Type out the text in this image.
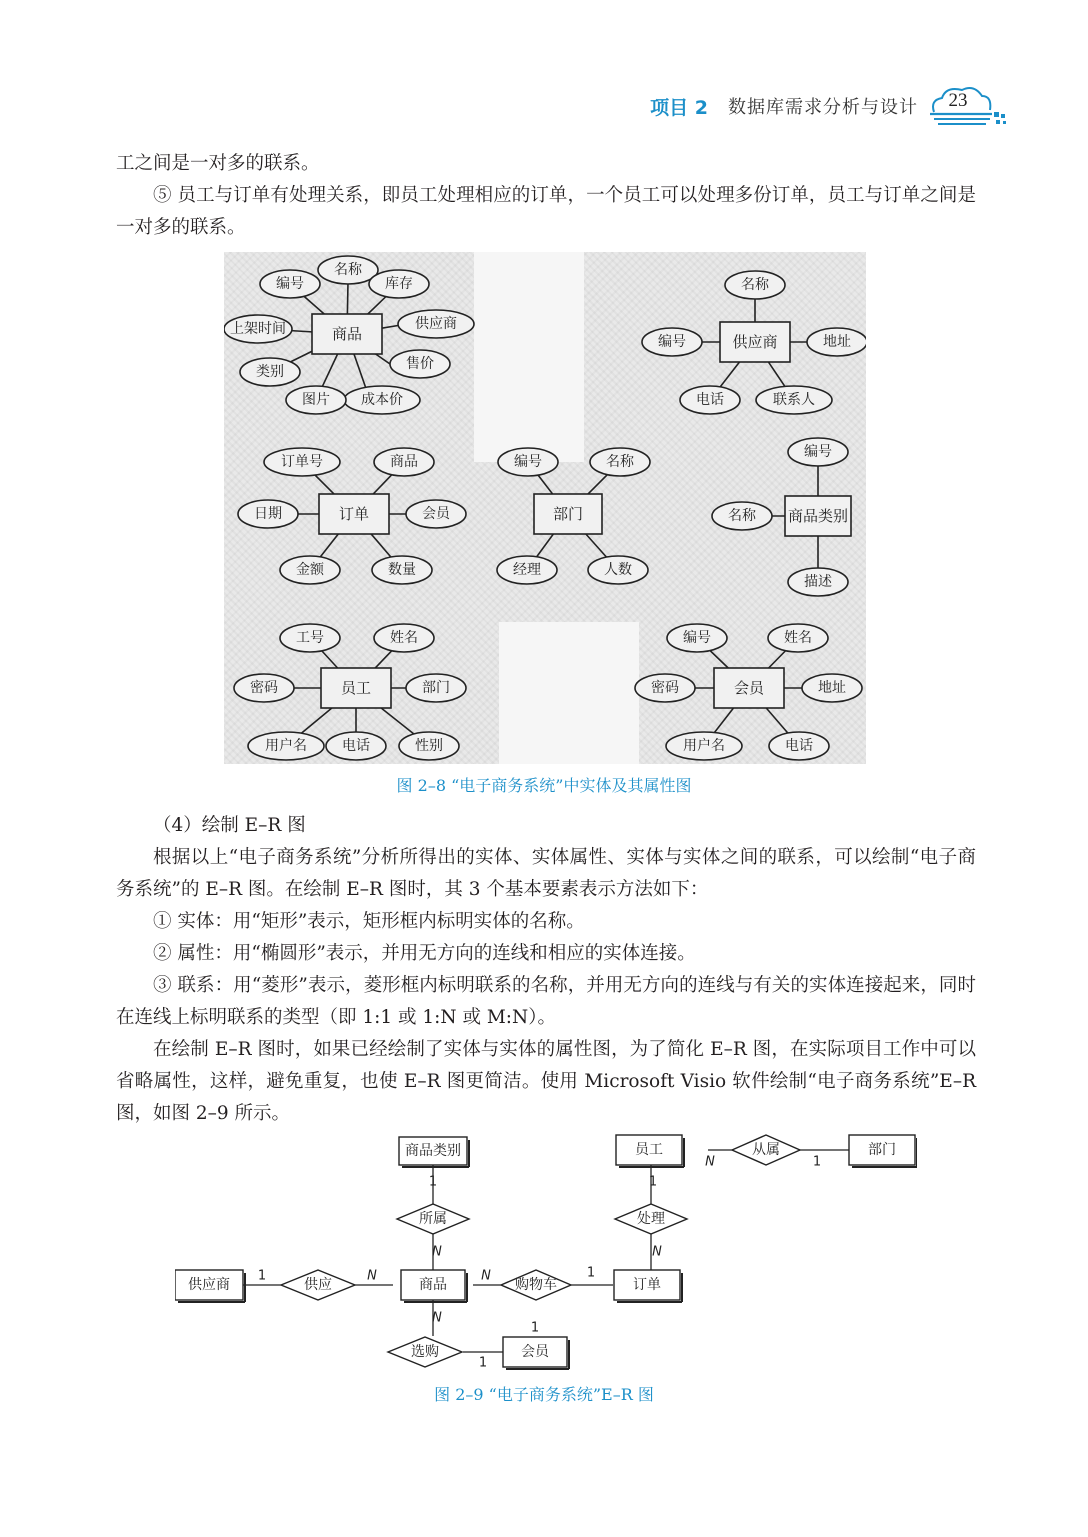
项目 2 数据库需求分析与设计	23

工之间是一对多的联系。

⑤ 员工与订单有处理关系，即员工处理相应的订单，一个员工可以处理多份订单，员工与订单之间是一对多的联系。

商品
编号
名称
库存
供应商
售价
成本价
图片
类别
上架时间
供应商
名称
编号	地址
电话	联系人
订单
订单号	商品
日期	会员
金额	数量
部门
编号	名称
经理	人数
商品类别
编号
名称
描述
员工
工号	姓名
密码	部门
用户名	电话	性别
会员
编号	姓名
密码	地址
用户名	电话
图 2–8 “电子商务系统”中实体及其属性图

（4）绘制 E–R 图

根据以上“电子商务系统”分析所得出的实体、实体属性、实体与实体之间的联系，可以绘制“电子商务系统”的 E–R 图。在绘制 E–R 图时，其 3 个基本要素表示方法如下：

① 实体：用“矩形”表示，矩形框内标明实体的名称。

② 属性：用“椭圆形”表示，并用无方向的连线和相应的实体连接。

③ 联系：用“菱形”表示，菱形框内标明联系的名称，并用无方向的连线与有关的实体连接起来，同时在连线上标明联系的类型（即 1:1 或 1:N 或 M:N）。

在绘制 E–R 图时，如果已经绘制了实体与实体的属性图，为了简化 E–R 图，在实际项目工作中可以省略属性，这样，避免重复，也使 E–R 图更简洁。使用 Microsoft Visio 软件绘制“电子商务系统”E–R 图，如图 2–9 所示。

商品类别	员工	部门
供应商	商品	订单
会员
所属
从属
处理
供应	购物车
选购
1
N
N	1
1
N
1	N	N	1
N
1
1
图 2–9 “电子商务系统”E–R 图
